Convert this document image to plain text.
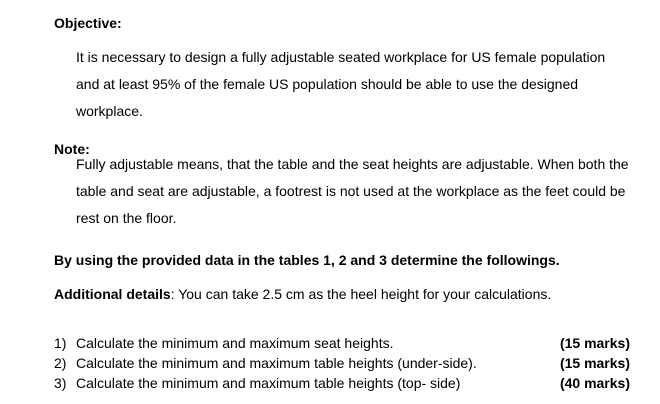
Objective:
It is necessary to design a fully adjustable seated workplace for US female population and at least 95% of the female US population should be able to use the designed workplace.
Note:
Fully adjustable means, that the table and the seat heights are adjustable. When both the table and seat are adjustable, a footrest is not used at the workplace as the feet could be rest on the floor.
By using the provided data in the tables 1, 2 and 3 determine the followings.
Additional details: You can take 2.5 cm as the heel height for your calculations.
1) Calculate the minimum and maximum seat heights.	(15 marks)
2) Calculate the minimum and maximum table heights (under-side).	(15 marks)
3) Calculate the minimum and maximum table heights (top- side)	(40 marks)
